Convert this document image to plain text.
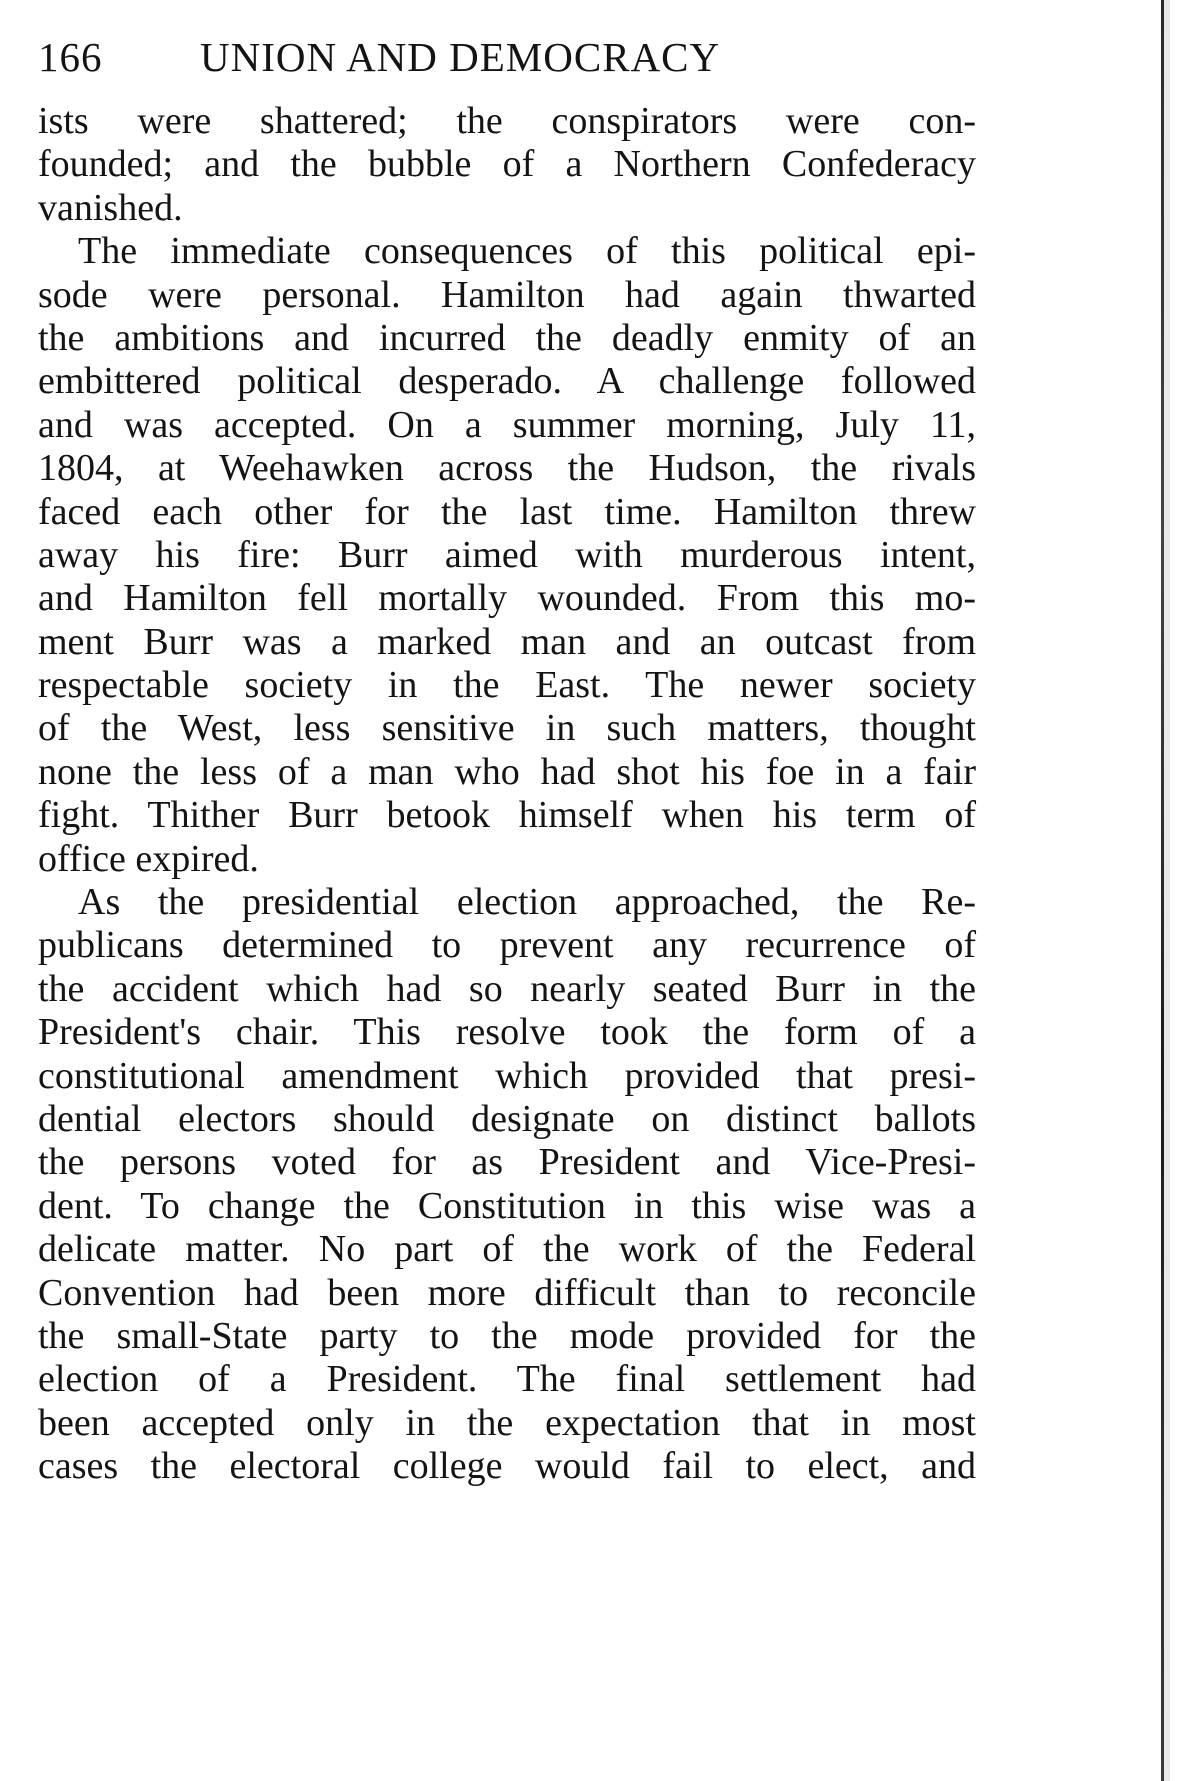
166 UNION AND DEMOCRACY
ists were shattered; the conspirators were con-
founded; and the bubble of a Northern Confederacy
vanished.
The immediate consequences of this political epi-
sode were personal. Hamilton had again thwarted
the ambitions and incurred the deadly enmity of an
embittered political desperado. A challenge followed
and was accepted. On a summer morning, July 11,
1804, at Weehawken across the Hudson, the rivals
faced each other for the last time. Hamilton threw
away his fire: Burr aimed with murderous intent,
and Hamilton fell mortally wounded. From this mo-
ment Burr was a marked man and an outcast from
respectable society in the East. The newer society
of the West, less sensitive in such matters, thought
none the less of a man who had shot his foe in a fair
fight. Thither Burr betook himself when his term of
office expired.
As the presidential election approached, the Re-
publicans determined to prevent any recurrence of
the accident which had so nearly seated Burr in the
President's chair. This resolve took the form of a
constitutional amendment which provided that presi-
dential electors should designate on distinct ballots
the persons voted for as President and Vice-Presi-
dent. To change the Constitution in this wise was a
delicate matter. No part of the work of the Federal
Convention had been more difficult than to reconcile
the small-State party to the mode provided for the
election of a President. The final settlement had
been accepted only in the expectation that in most
cases the electoral college would fail to elect, and
